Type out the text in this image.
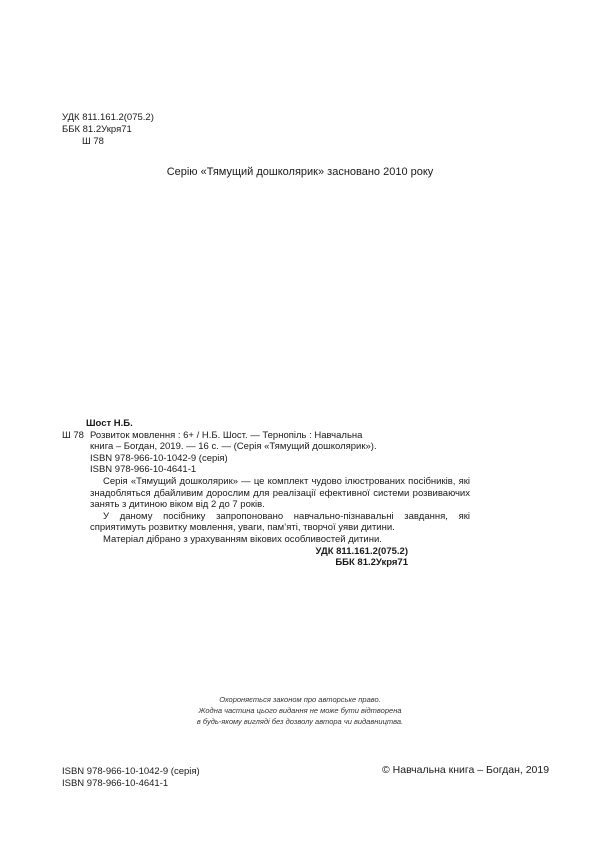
УДК 811.161.2(075.2)
ББК 81.2Укря71
Ш 78
Серію «Тямущий дошколярик» засновано 2010 року
Шост Н.Б.
Ш 78 Розвиток мовлення : 6+ / Н.Б. Шост. — Тернопіль : Навчальна
книга – Богдан, 2019. — 16 с. — (Серія «Тямущий дошколярик»).
ISBN 978-966-10-1042-9 (серія)
ISBN 978-966-10-4641-1
Серія «Тямущий дошколярик» — це комплект чудово ілюстрованих посібників, які знадобляться дбайливим дорослим для реалізації ефективної системи розвиваючих занять з дитиною віком від 2 до 7 років.
У даному посібнику запропоновано навчально-пізнавальні завдання, які сприятимуть розвитку мовлення, уваги, пам’яті, творчої уяви дитини.
Матеріал дібрано з урахуванням вікових особливостей дитини.
УДК 811.161.2(075.2)
ББК 81.2Укря71
Охороняється законом про авторське право.
Жодна частина цього видання не може бути відтворена
в будь-якому вигляді без дозволу автора чи видавництва.
ISBN 978-966-10-1042-9 (серія)
ISBN 978-966-10-4641-1
© Навчальна книга – Богдан, 2019
